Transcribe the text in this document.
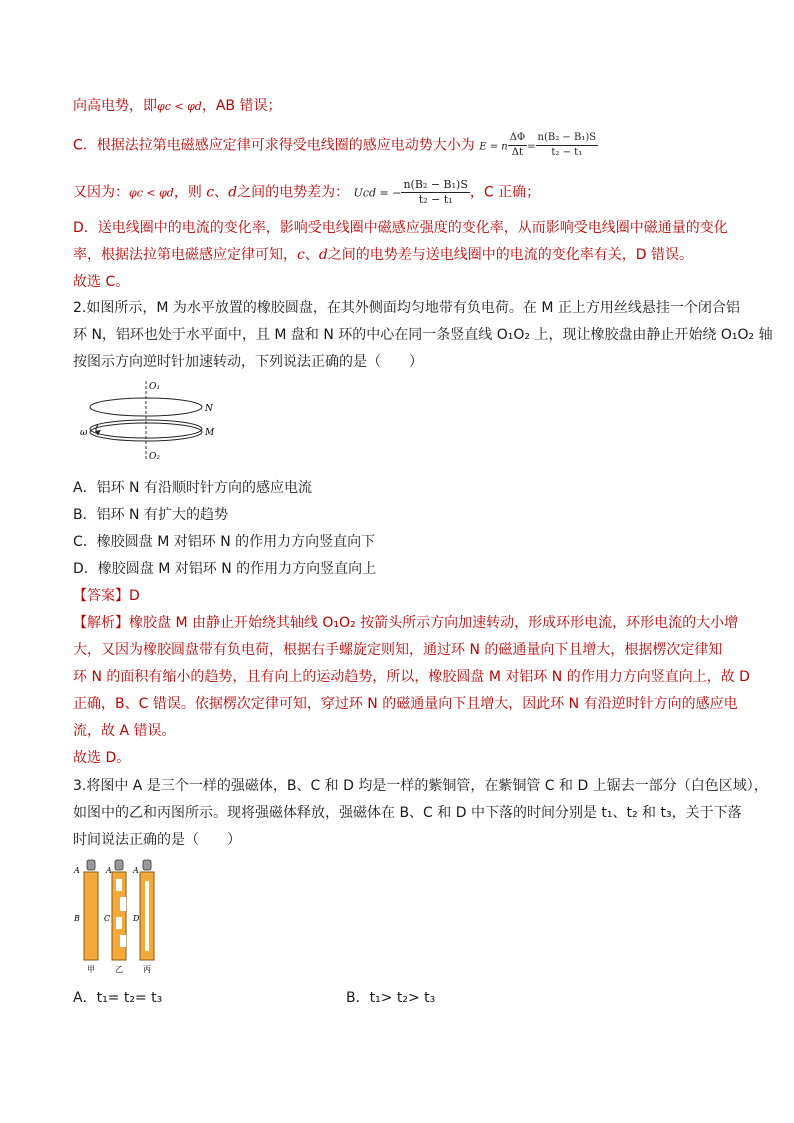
向高电势，即φc < φd，AB 错误；
C．根据法拉第电磁感应定律可求得受电线圈的感应电动势大小为 E = n $\frac{\Delta\Phi}{\Delta t} = \frac{\text{n(B₂ − B₁)S}}{\text{t₂ − t₁}}$
又因为：φc < φd，则 c、d之间的电势差为： Ucd = − $\frac{\text{n(B₂ − B₁)S}}{\text{t₂ − t₁}}$ ，C 正确；
D．送电线圈中的电流的变化率，影响受电线圈中磁感应强度的变化率，从而影响受电线圈中磁通量的变化
率，根据法拉第电磁感应定律可知，c、d之间的电势差与送电线圈中的电流的变化率有关，D 错误。
故选 C。
2.如图所示，M 为水平放置的橡胶圆盘，在其外侧面均匀地带有负电荷。在 M 正上方用丝线悬挂一个闭合铝
环 N，铝环也处于水平面中，且 M 盘和 N 环的中心在同一条竖直线 O₁O₂ 上，现让橡胶盘由静止开始绕 O₁O₂ 轴
按图示方向逆时针加速转动，下列说法正确的是（　　）
O₁
O₂
N
M
ω
A．铝环 N 有沿顺时针方向的感应电流
B．铝环 N 有扩大的趋势
C．橡胶圆盘 M 对铝环 N 的作用力方向竖直向下
D．橡胶圆盘 M 对铝环 N 的作用力方向竖直向上
【答案】D
【解析】橡胶盘 M 由静止开始绕其轴线 O₁O₂ 按箭头所示方向加速转动，形成环形电流，环形电流的大小增
大，又因为橡胶圆盘带有负电荷，根据右手螺旋定则知，通过环 N 的磁通量向下且增大，根据楞次定律知
环 N 的面积有缩小的趋势，且有向上的运动趋势，所以，橡胶圆盘 M 对铝环 N 的作用力方向竖直向上，故 D
正确，B、C 错误。依据楞次定律可知，穿过环 N 的磁通量向下且增大，因此环 N 有沿逆时针方向的感应电
流，故 A 错误。
故选 D。
3.将图中 A 是三个一样的强磁体，B、C 和 D 均是一样的紫铜管，在紫铜管 C 和 D 上锯去一部分（白色区域），
如图中的乙和丙图所示。现将强磁体释放，强磁体在 B、C 和 D 中下落的时间分别是 t₁、t₂ 和 t₃，关于下落
时间说法正确的是（　　）
A	A	A
B	C	D
甲	乙	丙
A．t₁= t₂= t₃	B．t₁> t₂> t₃
